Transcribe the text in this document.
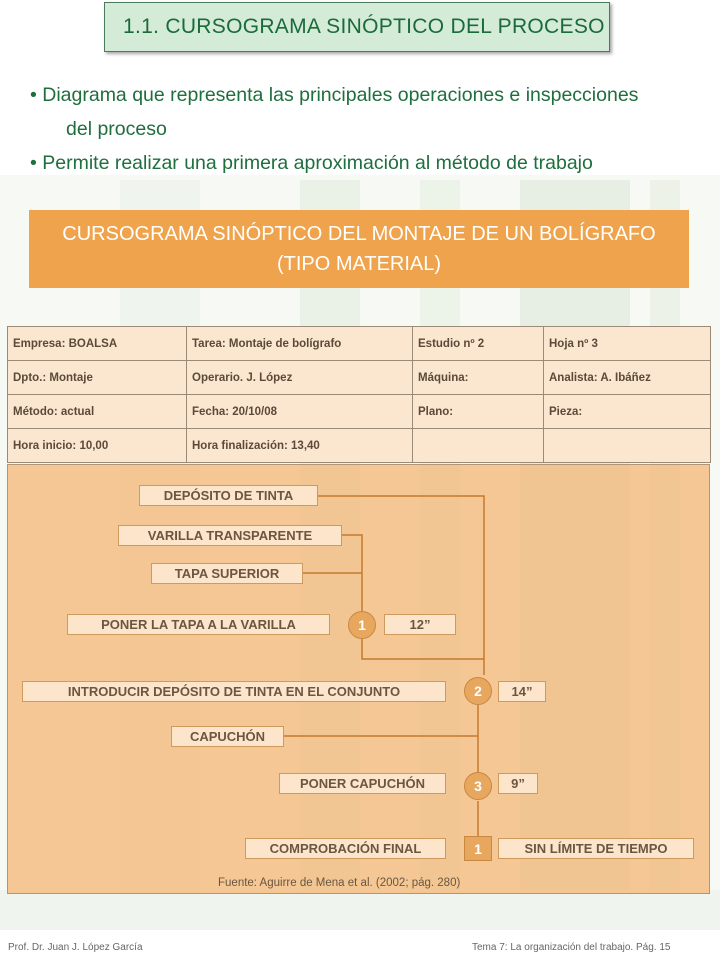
1.1. CURSOGRAMA SINÓPTICO DEL PROCESO
• Diagrama que representa las principales operaciones e inspecciones
del proceso
• Permite realizar una primera aproximación al método de trabajo
CURSOGRAMA SINÓPTICO DEL MONTAJE DE UN BOLÍGRAFO
(TIPO MATERIAL)
Empresa: BOALSA	Tarea: Montaje de bolígrafo	Estudio nº 2	Hoja nº 3
Dpto.: Montaje	Operario. J. López	Máquina:	Analista: A. Ibáñez
Método: actual	Fecha: 20/10/08	Plano:	Pieza:
Hora inicio: 10,00	Hora finalización: 13,40		
DEPÓSITO DE TINTA
VARILLA TRANSPARENTE
TAPA SUPERIOR
CAPUCHÓN
PONER LA TAPA A LA VARILLA	1	12”
INTRODUCIR DEPÓSITO DE TINTA EN EL CONJUNTO	2	14”
PONER CAPUCHÓN	3	9”
COMPROBACIÓN FINAL	1	SIN LÍMITE DE TIEMPO
Fuente: Aguirre de Mena et al. (2002; pág. 280)
Prof. Dr. Juan J. López García	Tema 7: La organización del trabajo. Pág. 15
